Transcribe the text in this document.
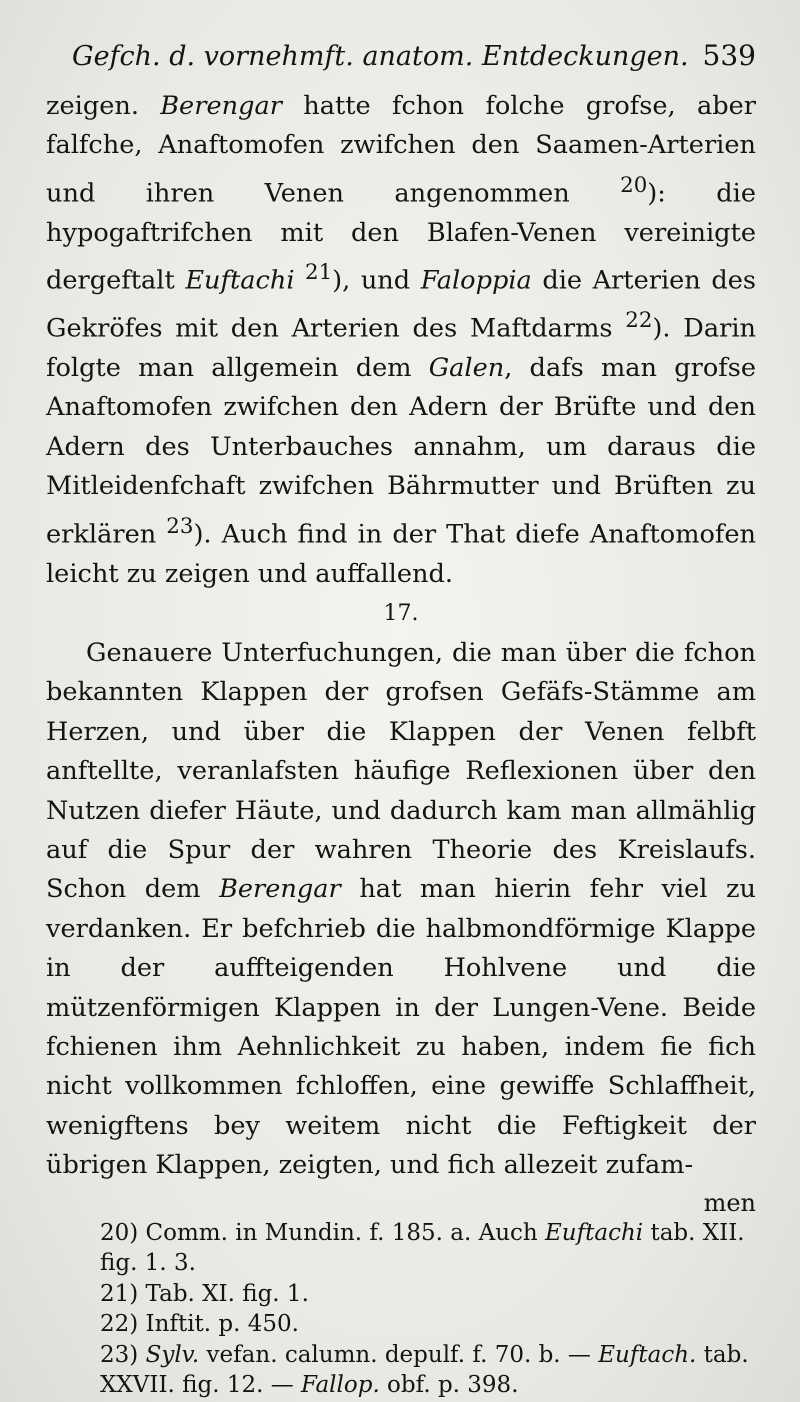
Gefch. d. vornehmft. anatom. Entdeckungen. 539

zeigen. Berengar hatte fchon folche grofse, aber falfche, Anaftomofen zwifchen den Saamen-Arterien und ihren Venen angenommen $^{20}$): die hypogaftrifchen mit den Blafen-Venen vereinigte dergeftalt Euftachi $^{21}$), und Faloppia die Arterien des Gekröfes mit den Arterien des Maftdarms $^{22}$). Darin folgte man allgemein dem Galen, dafs man grofse Anaftomofen zwifchen den Adern der Brüfte und den Adern des Unterbauches annahm, um daraus die Mitleidenfchaft zwifchen Bährmutter und Brüften zu erklären $^{23}$). Auch find in der That diefe Anaftomofen leicht zu zeigen und auffallend.

17.

Genauere Unterfuchungen, die man über die fchon bekannten Klappen der grofsen Gefäfs-Stämme am Herzen, und über die Klappen der Venen felbft anftellte, veranlafsten häufige Reflexionen über den Nutzen diefer Häute, und dadurch kam man allmählig auf die Spur der wahren Theorie des Kreislaufs. Schon dem Berengar hat man hierin fehr viel zu verdanken. Er befchrieb die halbmondförmige Klappe in der auffteigenden Hohlvene und die mützenförmigen Klappen in der Lungen-Vene. Beide fchienen ihm Aehnlichkeit zu haben, indem fie fich nicht vollkommen fchloffen, eine gewiffe Schlaffheit, wenigftens bey weitem nicht die Feftigkeit der übrigen Klappen, zeigten, und fich allezeit zufam-

men

20) Comm. in Mundin. f. 185. a. Auch Euftachi tab. XII. fig. 1. 3.

21) Tab. XI. fig. 1.

22) Inftit. p. 450.

23) Sylv. vefan. calumn. depulf. f. 70. b. — Euftach. tab. XXVII. fig. 12. — Fallop. obf. p. 398.
